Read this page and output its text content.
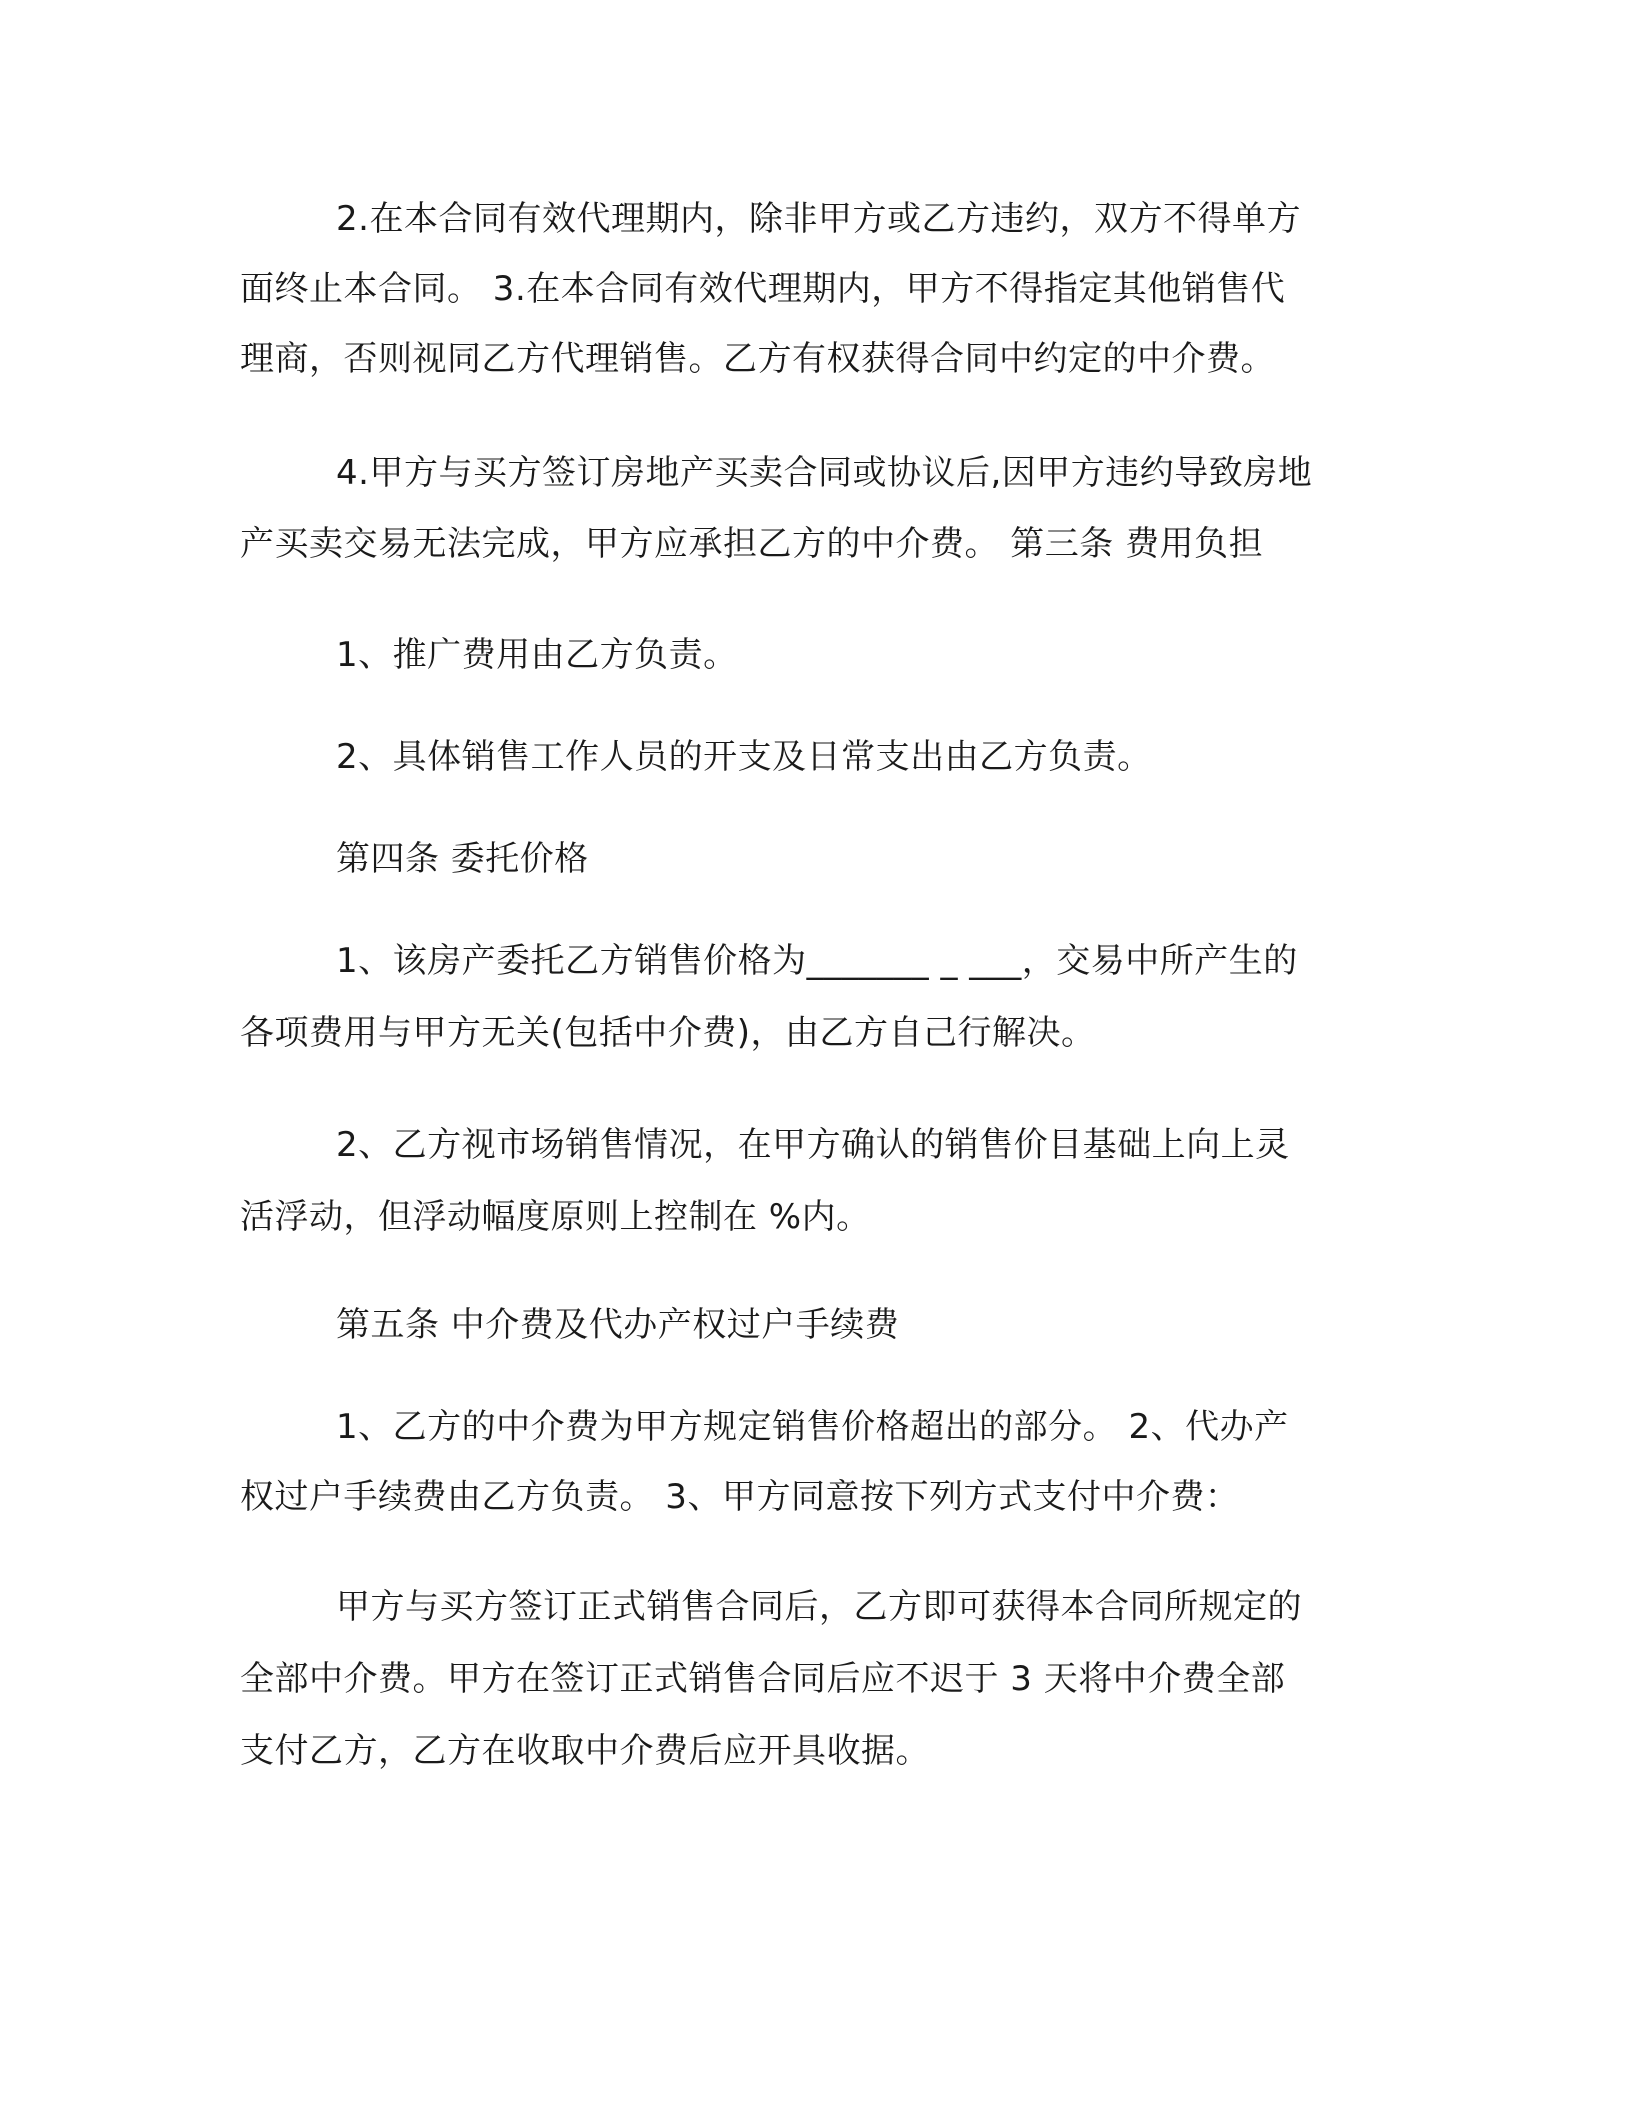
2.在本合同有效代理期内，除非甲方或乙方违约，双方不得单方

面终止本合同。 3.在本合同有效代理期内，甲方不得指定其他销售代

理商，否则视同乙方代理销售。乙方有权获得合同中约定的中介费。

4.甲方与买方签订房地产买卖合同或协议后,因甲方违约导致房地

产买卖交易无法完成，甲方应承担乙方的中介费。 第三条 费用负担

1、推广费用由乙方负责。

2、具体销售工作人员的开支及日常支出由乙方负责。

第四条 委托价格

1、该房产委托乙方销售价格为_______ _ ___，交易中所产生的

各项费用与甲方无关(包括中介费)，由乙方自己行解决。

2、乙方视市场销售情况，在甲方确认的销售价目基础上向上灵

活浮动，但浮动幅度原则上控制在 %内。

第五条 中介费及代办产权过户手续费

1、乙方的中介费为甲方规定销售价格超出的部分。 2、代办产

权过户手续费由乙方负责。 3、甲方同意按下列方式支付中介费：

甲方与买方签订正式销售合同后，乙方即可获得本合同所规定的

全部中介费。甲方在签订正式销售合同后应不迟于 3 天将中介费全部

支付乙方，乙方在收取中介费后应开具收据。
